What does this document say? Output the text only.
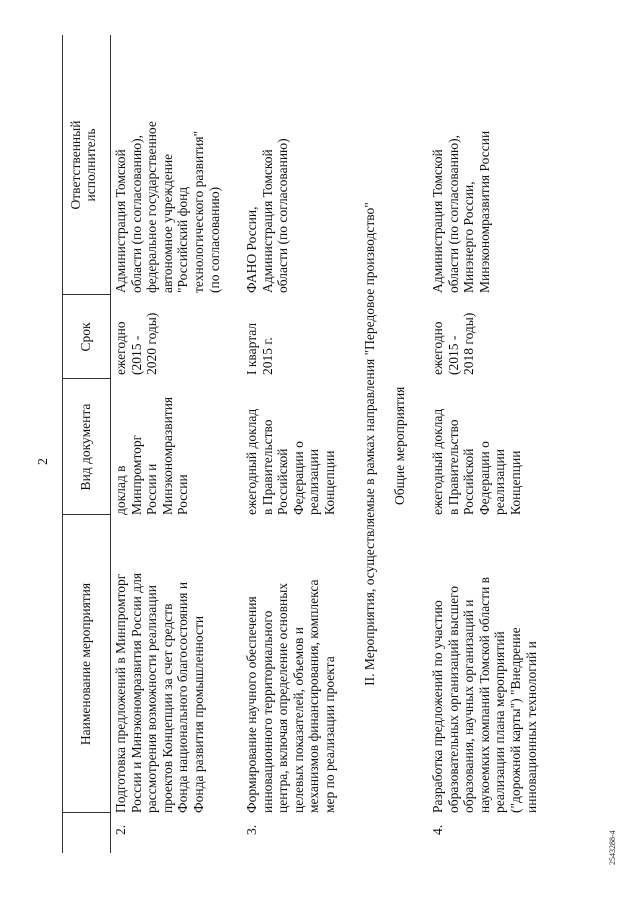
2
Наименование мероприятия
Вид документа
Срок
Ответственный исполнитель
2.
Подготовка предложений в Минпромторг России и Минэкономразвития России для рассмотрения возможности реализации проектов Концепции за счет средств Фонда национального благосостояния и Фонда развития промышленности
доклад в Минпромторг России и Минэкономразвития России
ежегодно (2015 - 2020 годы)
Администрация Томской области (по согласованию), федеральное государственное автономное учреждение "Российский фонд технологического развития" (по согласованию)
3.
Формирование научного обеспечения инновационного территориального центра, включая определение основных целевых показателей, объемов и механизмов финансирования, комплекса мер по реализации проекта
ежегодный доклад в Правительство Российской Федерации о реализации Концепции
I квартал 2015 г.
ФАНО России, Администрация Томской области (по согласованию)	II. Мероприятия, осуществляемые в рамках направления "Передовое производство" Общие мероприятия
4.
Разработка предложений по участию образовательных организаций высшего образования, научных организаций и наукоемких компаний Томской области в реализации плана мероприятий ("дорожной карты") "Внедрение инновационных технологий и
ежегодный доклад в Правительство Российской Федерации о реализации Концепции
ежегодно (2015 - 2018 годы)
Администрация Томской области (по согласованию), Минэнерго России, Минэкономразвития России
2543288-4
